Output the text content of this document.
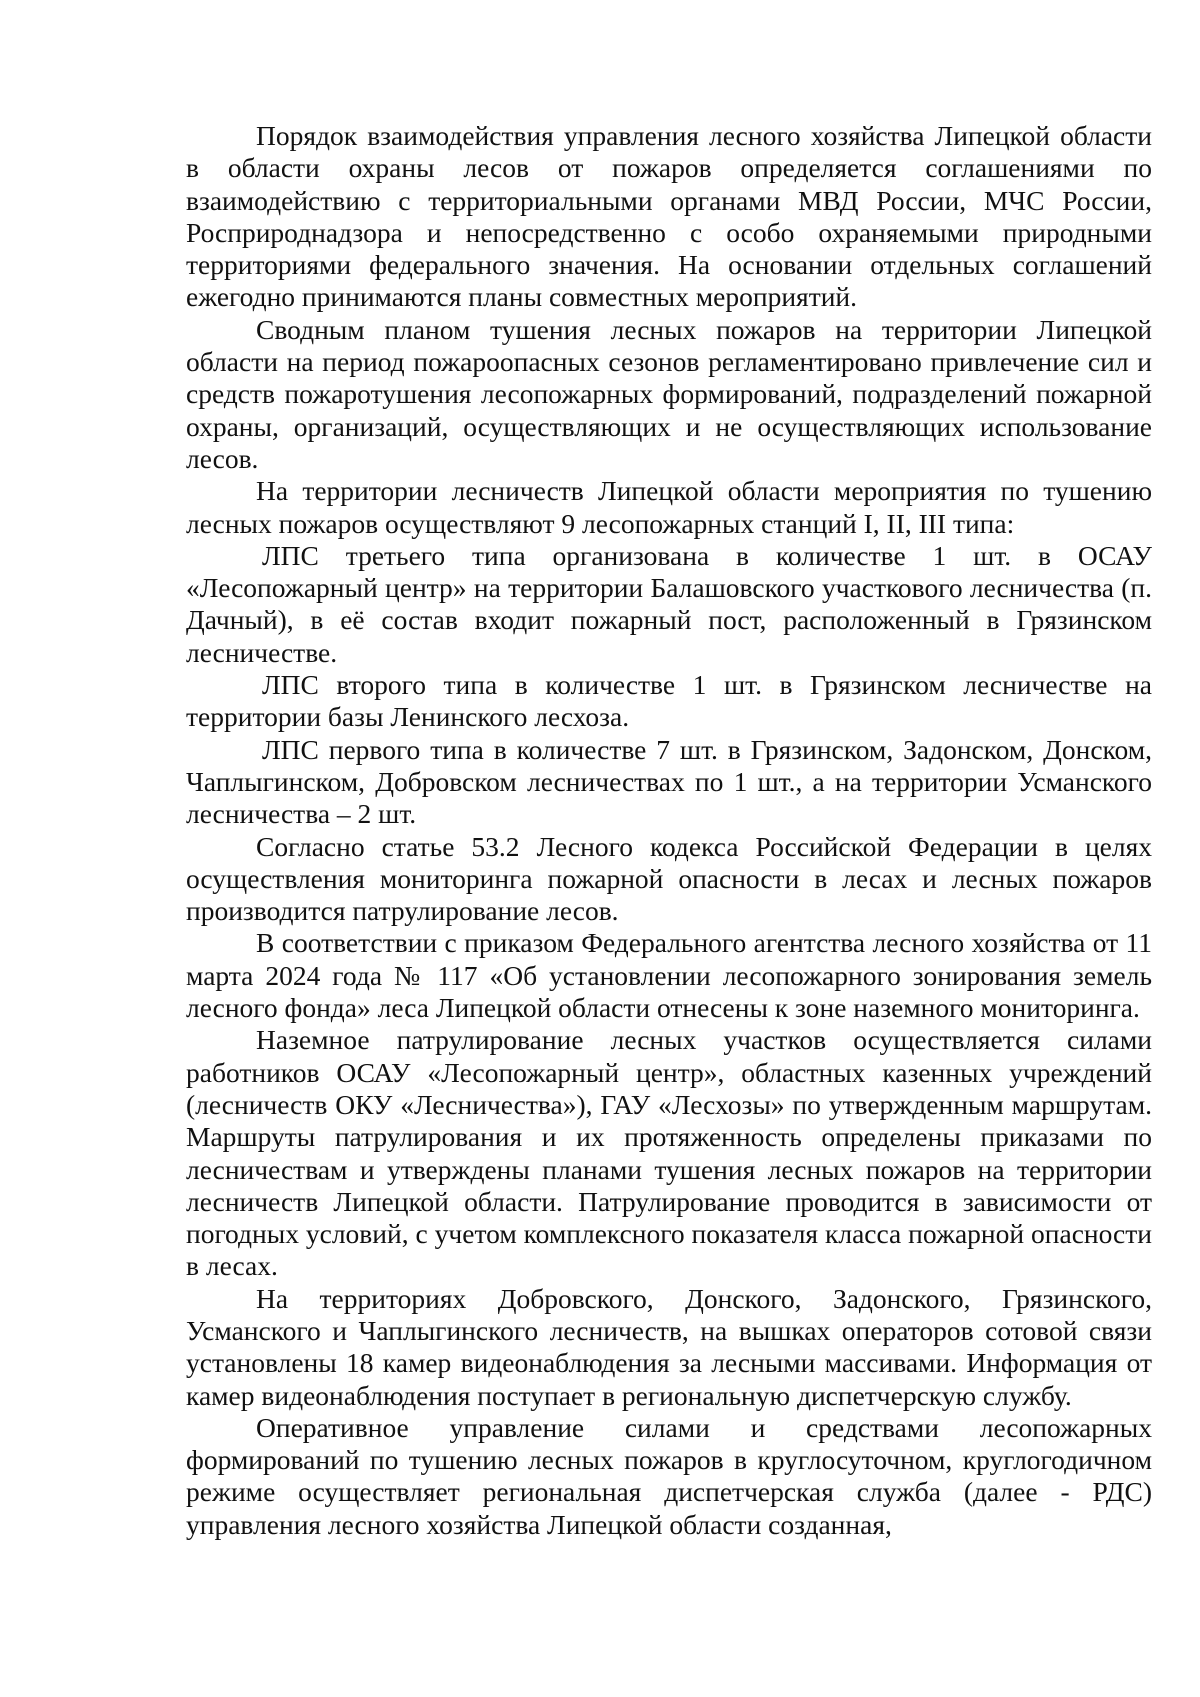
Порядок взаимодействия управления лесного хозяйства Липецкой области в области охраны лесов от пожаров определяется соглашениями по взаимодействию с территориальными органами МВД России, МЧС России, Росприроднадзора и непосредственно с особо охраняемыми природными территориями федерального значения. На основании отдельных соглашений ежегодно принимаются планы совместных мероприятий.

Сводным планом тушения лесных пожаров на территории Липецкой области на период пожароопасных сезонов регламентировано привлечение сил и средств пожаротушения лесопожарных формирований, подразделений пожарной охраны, организаций, осуществляющих и не осуществляющих использование лесов.

На территории лесничеств Липецкой области мероприятия по тушению лесных пожаров осуществляют 9 лесопожарных станций I, II, III типа:

ЛПС третьего типа организована в количестве 1 шт. в ОСАУ «Лесопожарный центр» на территории Балашовского участкового лесничества (п. Дачный), в её состав входит пожарный пост, расположенный в Грязинском лесничестве.

ЛПС второго типа в количестве 1 шт. в Грязинском лесничестве на территории базы Ленинского лесхоза.

ЛПС первого типа в количестве 7 шт. в Грязинском, Задонском, Донском, Чаплыгинском, Добровском лесничествах по 1 шт., а на территории Усманского лесничества – 2 шт.

Согласно статье 53.2 Лесного кодекса Российской Федерации в целях осуществления мониторинга пожарной опасности в лесах и лесных пожаров производится патрулирование лесов.

В соответствии с приказом Федерального агентства лесного хозяйства от 11 марта 2024 года № 117 «Об установлении лесопожарного зонирования земель лесного фонда» леса Липецкой области отнесены к зоне наземного мониторинга.

Наземное патрулирование лесных участков осуществляется силами работников ОСАУ «Лесопожарный центр», областных казенных учреждений (лесничеств ОКУ «Лесничества»), ГАУ «Лесхозы» по утвержденным маршрутам. Маршруты патрулирования и их протяженность определены приказами по лесничествам и утверждены планами тушения лесных пожаров на территории лесничеств Липецкой области. Патрулирование проводится в зависимости от погодных условий, с учетом комплексного показателя класса пожарной опасности в лесах.

На территориях Добровского, Донского, Задонского, Грязинского, Усманского и Чаплыгинского лесничеств, на вышках операторов сотовой связи установлены 18 камер видеонаблюдения за лесными массивами. Информация от камер видеонаблюдения поступает в региональную диспетчерскую службу.

Оперативное управление силами и средствами лесопожарных формирований по тушению лесных пожаров в круглосуточном, круглогодичном режиме осуществляет региональная диспетчерская служба (далее - РДС) управления лесного хозяйства Липецкой области созданная,
